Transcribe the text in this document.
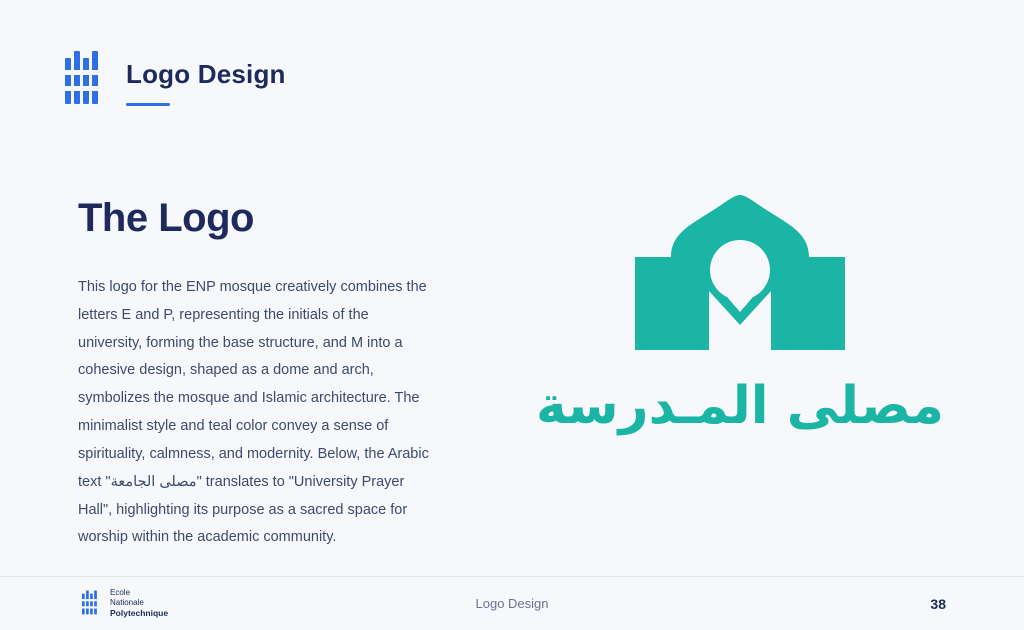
Logo Design
The Logo

This logo for the ENP mosque creatively combines the letters E and P, representing the initials of the university, forming the base structure, and M into a cohesive design, shaped as a dome and arch, symbolizes the mosque and Islamic architecture. The minimalist style and teal color convey a sense of spirituality, calmness, and modernity. Below, the Arabic text "مصلى الجامعة" translates to "University Prayer Hall", highlighting its purpose as a sacred space for worship within the academic community.

مصلى المـدرسة
Ecole
Nationale
Polytechnique
Logo Design	38
